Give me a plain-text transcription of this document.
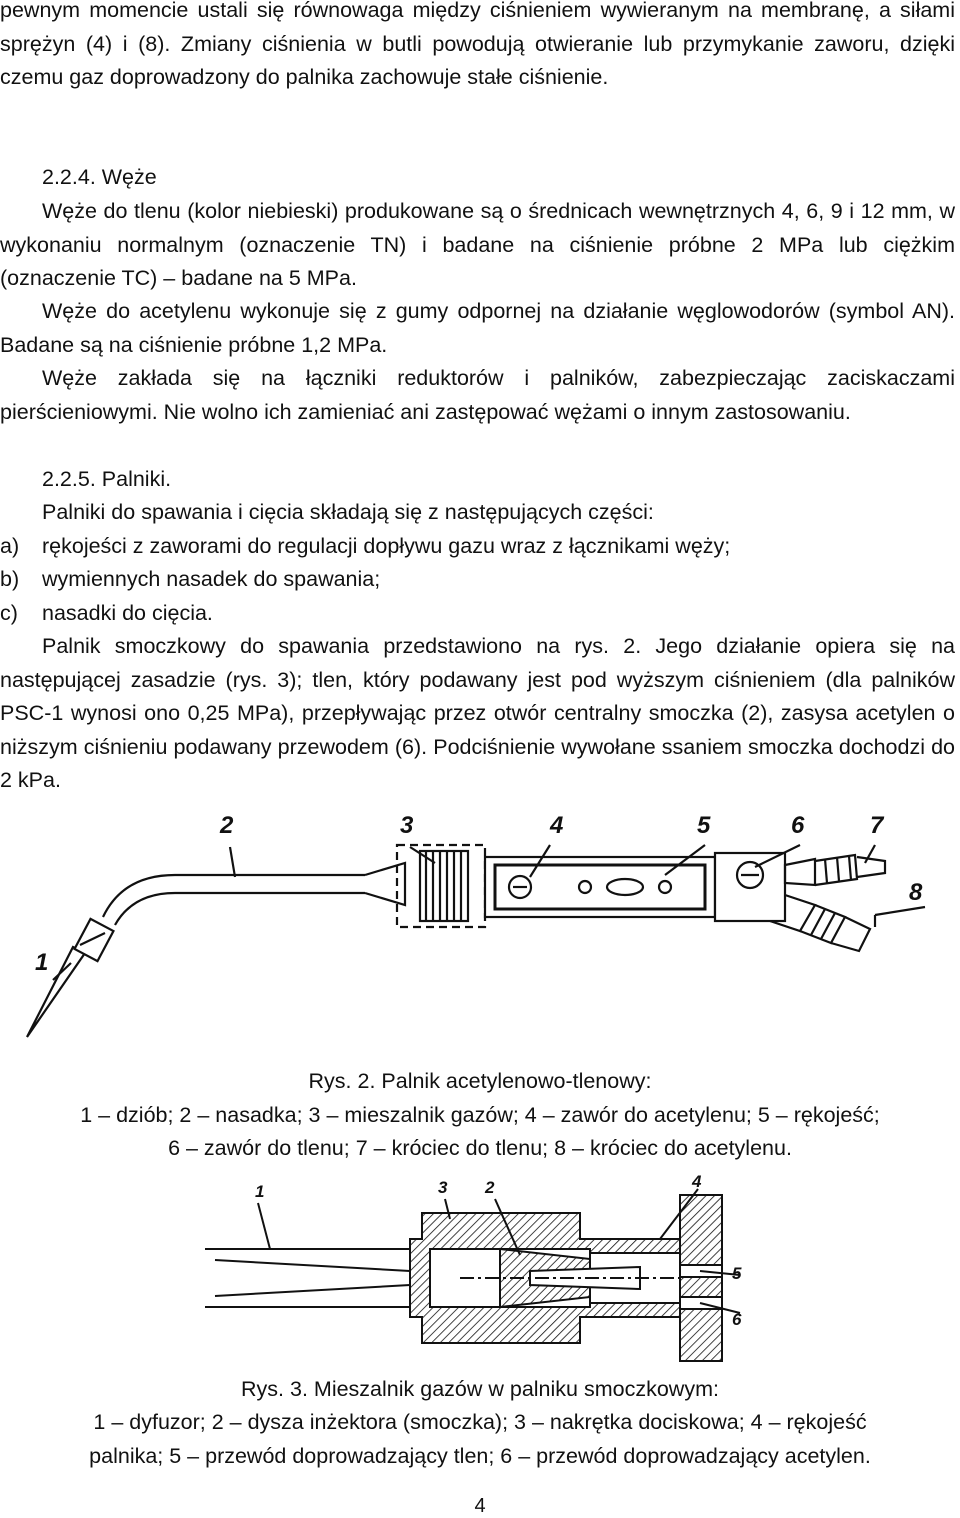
pewnym momencie ustali się równowaga między ciśnieniem wywieranym na membranę, a siłami sprężyn (4) i (8). Zmiany ciśnienia w butli powodują otwieranie lub przymykanie zaworu, dzięki czemu gaz doprowadzony do palnika zachowuje stałe ciśnienie.

2.2.4. Węże

Węże do tlenu (kolor niebieski) produkowane są o średnicach wewnętrznych 4, 6, 9 i 12 mm, w wykonaniu normalnym (oznaczenie TN) i badane na ciśnienie próbne 2 MPa lub ciężkim (oznaczenie TC) – badane na 5 MPa.

Węże do acetylenu wykonuje się z gumy odpornej na działanie węglowodorów (symbol AN). Badane są na ciśnienie próbne 1,2 MPa.

Węże zakłada się na łączniki reduktorów i palników, zabezpieczając zaciskaczami pierścieniowymi. Nie wolno ich zamieniać ani zastępować wężami o innym zastosowaniu.

2.2.5. Palniki.
Palniki do spawania i cięcia składają się z następujących części:
a) rękojeści z zaworami do regulacji dopływu gazu wraz z łącznikami węży;
b) wymiennych nasadek do spawania;
c) nasadki do cięcia.

Palnik smoczkowy do spawania przedstawiono na rys. 2. Jego działanie opiera się na następującej zasadzie (rys. 3); tlen, który podawany jest pod wyższym ciśnieniem (dla palników PSC-1 wynosi ono 0,25 MPa), przepływając przez otwór centralny smoczka (2), zasysa acetylen o niższym ciśnieniu podawany przewodem (6). Podciśnienie wywołane ssaniem smoczka dochodzi do 2 kPa.

2	3	4	5	6	7
8
1
Rys. 2. Palnik acetylenowo-tlenowy:
1 – dziób; 2 – nasadka; 3 – mieszalnik gazów; 4 – zawór do acetylenu; 5 – rękojeść;
6 – zawór do tlenu; 7 – króciec do tlenu; 8 – króciec do acetylenu.
1	2
3	4
5
6
Rys. 3. Mieszalnik gazów w palniku smoczkowym:
1 – dyfuzor; 2 – dysza inżektora (smoczka); 3 – nakrętka dociskowa; 4 – rękojeść
palnika; 5 – przewód doprowadzający tlen; 6 – przewód doprowadzający acetylen.
4
